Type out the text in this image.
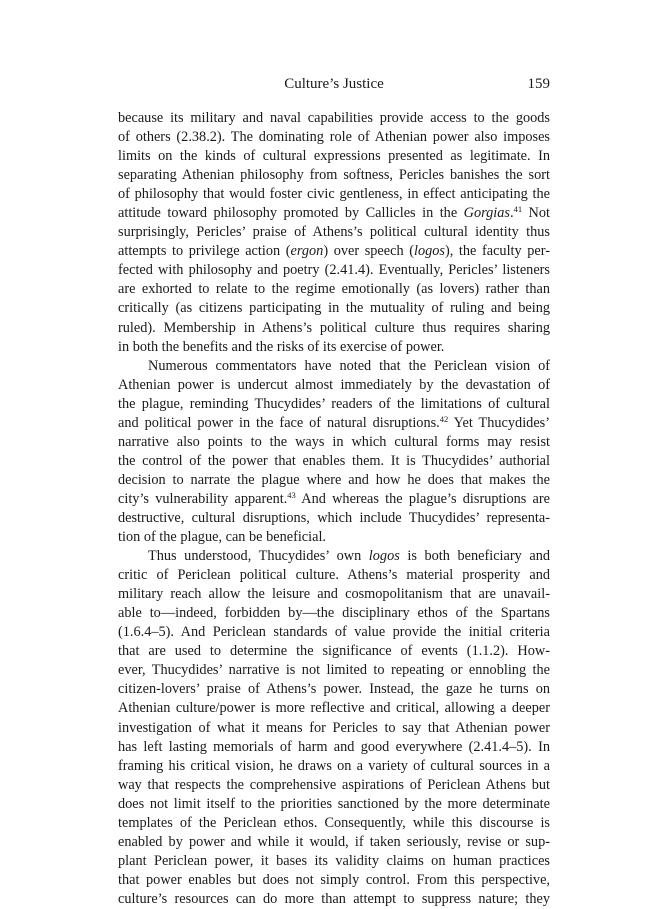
Culture’s Justice	159
because its military and naval capabilities provide access to the goods
of others (2.38.2). The dominating role of Athenian power also imposes
limits on the kinds of cultural expressions presented as legitimate. In
separating Athenian philosophy from softness, Pericles banishes the sort
of philosophy that would foster civic gentleness, in effect anticipating the
attitude toward philosophy promoted by Callicles in the Gorgias.$^{41}$ Not
surprisingly, Pericles’ praise of Athens’s political cultural identity thus
attempts to privilege action (ergon) over speech (logos), the faculty per-
fected with philosophy and poetry (2.41.4). Eventually, Pericles’ listeners
are exhorted to relate to the regime emotionally (as lovers) rather than
critically (as citizens participating in the mutuality of ruling and being
ruled). Membership in Athens’s political culture thus requires sharing
in both the benefits and the risks of its exercise of power.
Numerous commentators have noted that the Periclean vision of
Athenian power is undercut almost immediately by the devastation of
the plague, reminding Thucydides’ readers of the limitations of cultural
and political power in the face of natural disruptions.$^{42}$ Yet Thucydides’
narrative also points to the ways in which cultural forms may resist
the control of the power that enables them. It is Thucydides’ authorial
decision to narrate the plague where and how he does that makes the
city’s vulnerability apparent.$^{43}$ And whereas the plague’s disruptions are
destructive, cultural disruptions, which include Thucydides’ representa-
tion of the plague, can be beneficial.
Thus understood, Thucydides’ own logos is both beneficiary and
critic of Periclean political culture. Athens’s material prosperity and
military reach allow the leisure and cosmopolitanism that are unavail-
able to—indeed, forbidden by—the disciplinary ethos of the Spartans
(1.6.4–5). And Periclean standards of value provide the initial criteria
that are used to determine the significance of events (1.1.2). How-
ever, Thucydides’ narrative is not limited to repeating or ennobling the
citizen-lovers’ praise of Athens’s power. Instead, the gaze he turns on
Athenian culture/power is more reflective and critical, allowing a deeper
investigation of what it means for Pericles to say that Athenian power
has left lasting memorials of harm and good everywhere (2.41.4–5). In
framing his critical vision, he draws on a variety of cultural sources in a
way that respects the comprehensive aspirations of Periclean Athens but
does not limit itself to the priorities sanctioned by the more determinate
templates of the Periclean ethos. Consequently, while this discourse is
enabled by power and while it would, if taken seriously, revise or sup-
plant Periclean power, it bases its validity claims on human practices
that power enables but does not simply control. From this perspective,
culture’s resources can do more than attempt to suppress nature; they
